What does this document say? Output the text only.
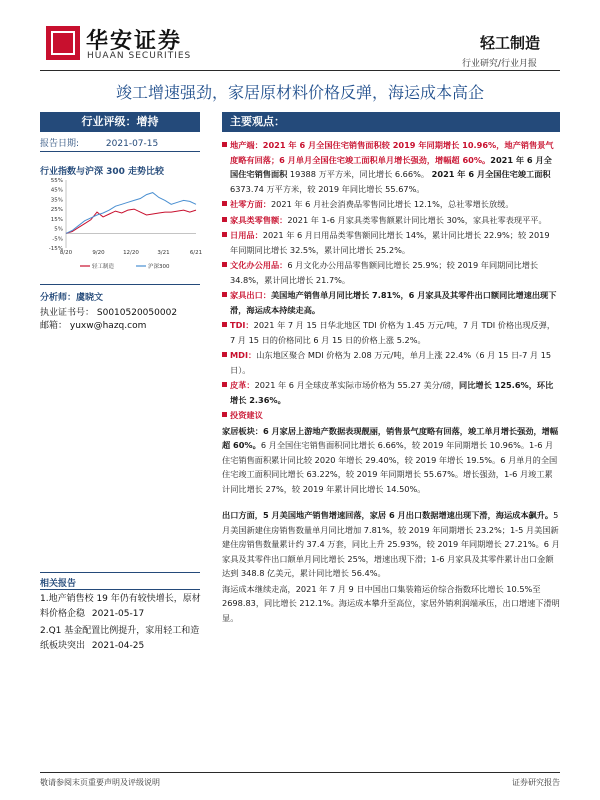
华安证券
HUAAN SECURITIES
轻工制造
行业研究/行业月报
竣工增速强劲，家居原材料价格反弹，海运成本高企
行业评级：增持
报告日期:	2021-07-15
行业指数与沪深 300 走势比较
55%
45%
35%
25%
15%
5%
-5%
-15%
8/20	9/20	12/20	3/21	6/21
轻工制造	沪深300
分析师：虞晓文
执业证书号： S0010520050002
邮箱： yuxw@hazq.com
相关报告
1.地产销售校 19 年仍有较快增长，原材料价格企稳 2021-05-17
2.Q1 基金配置比例提升，家用轻工和造纸板块突出 2021-04-25
主要观点：

地产端：2021 年 6 月全国住宅销售面积较 2019 年同期增长 10.96%，地产销售景气度略有回落；6 月单月全国住宅竣工面积单月增长强劲，增幅超 60%。2021 年 6 月全国住宅销售面积 19388 万平方米，同比增长 6.66%。 2021 年 6 月全国住宅竣工面积 6373.74 万平方米，较 2019 年同比增长 55.67%。

社零方面：2021 年 6 月社会消费品零售同比增长 12.1%，总社零增长放缓。

家具类零售额：2021 年 1-6 月家具类零售额累计同比增长 30%，家具社零表现平平。

日用品：2021 年 6 月日用品类零售额同比增长 14%，累计同比增长 22.9%；较 2019 年同期同比增长 32.5%，累计同比增长 25.2%。

文化办公用品：6 月文化办公用品零售额同比增长 25.9%；较 2019 年同期同比增长 34.8%，累计同比增长 21.7%。

家具出口：美国地产销售单月同比增长 7.81%，6 月家具及其零件出口额同比增速出现下滑，海运成本持续走高。

TDI：2021 年 7 月 15 日华北地区 TDI 价格为 1.45 万元/吨，7 月 TDI 价格出现反弹，7 月 15 日的价格同比 6 月 15 日的价格上涨 5.2%。

MDI：山东地区聚合 MDI 价格为 2.08 万元/吨，单月上涨 22.4%（6 月 15 日-7 月 15 日）。

皮革：2021 年 6 月全球皮革实际市场价格为 55.27 美分/磅，同比增长 125.6%，环比增长 2.36%。

投资建议

家居板块：6 月家居上游地产数据表现靓丽，销售景气度略有回落，竣工单月增长强劲，增幅超 60%。6 月全国住宅销售面积同比增长 6.66%，较 2019 年同期增长 10.96%。1-6 月住宅销售面积累计同比较 2020 年增长 29.40%，较 2019 年增长 19.5%。6 月单月的全国住宅竣工面积同比增长 63.22%，较 2019 年同期增长 55.67%。增长强劲，1-6 月竣工累计同比增长 27%，较 2019 年累计同比增长 14.50%。

出口方面，5 月美国地产销售增速回落，家居 6 月出口数据增速出现下滑，海运成本飙升。5 月美国新建住房销售数量单月同比增加 7.81%，较 2019 年同期增长 23.2%；1-5 月美国新建住房销售数量累计约 37.4 万套，同比上升 25.93%，较 2019 年同期增长 27.21%。6 月家具及其零件出口额单月同比增长 25%，增速出现下滑；1-6 月家具及其零件累计出口金额达到 348.8 亿美元，累计同比增长 56.4%。

海运成本继续走高，2021 年 7 月 9 日中国出口集装箱运价综合指数环比增长 10.5%至 2698.83，同比增长 212.1%。海运成本攀升至高位，家居外销利润端承压，出口增速下滑明显。

敬请参阅末页重要声明及评级说明	证券研究报告
